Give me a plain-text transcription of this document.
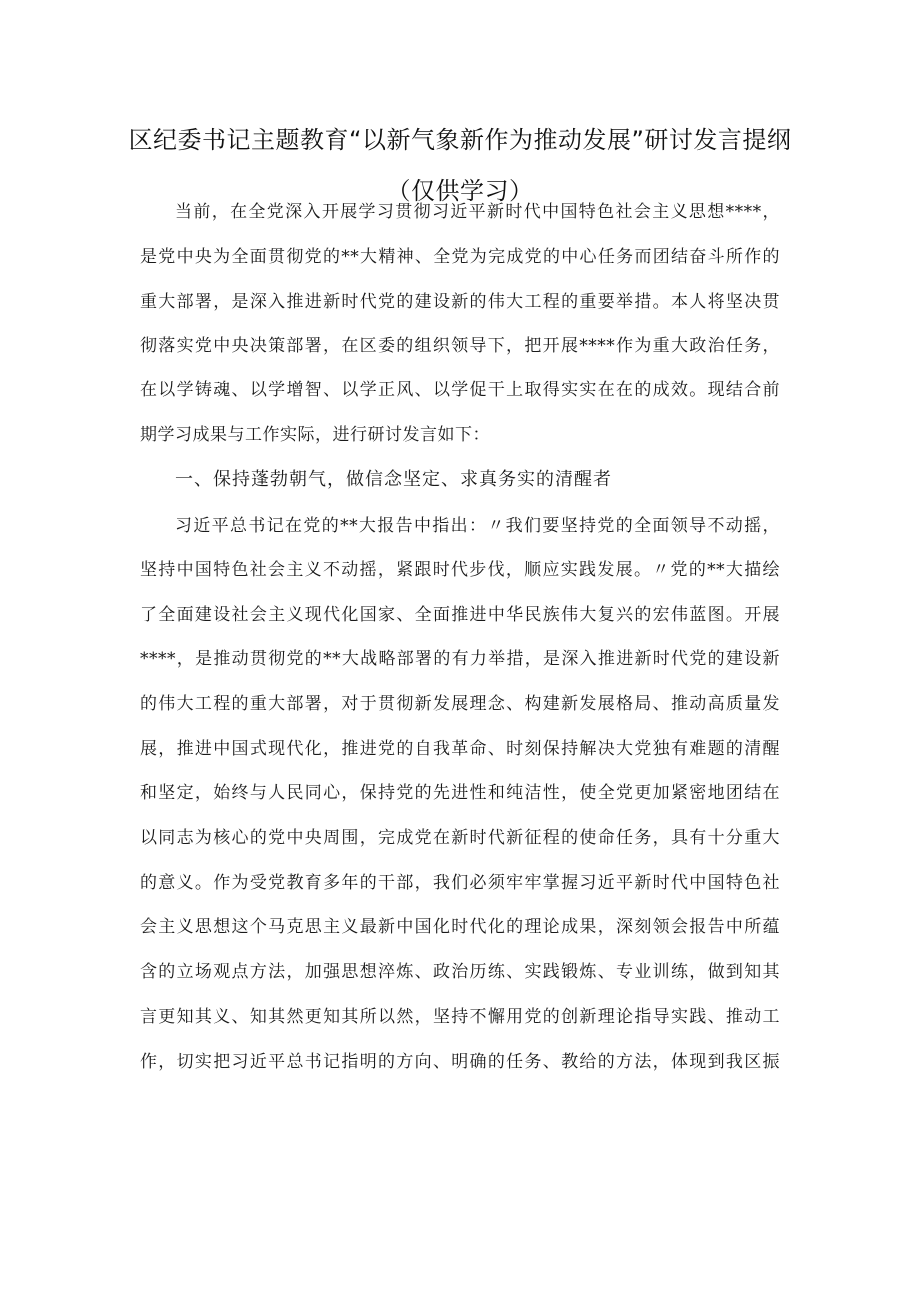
区纪委书记主题教育“以新气象新作为推动发展”研讨发言提纲
（仅供学习）
当前，在全党深入开展学习贯彻习近平新时代中国特色社会主义思想****，
是党中央为全面贯彻党的**大精神、全党为完成党的中心任务而团结奋斗所作的
重大部署，是深入推进新时代党的建设新的伟大工程的重要举措。本人将坚决贯
彻落实党中央决策部署，在区委的组织领导下，把开展****作为重大政治任务，
在以学铸魂、以学增智、以学正风、以学促干上取得实实在在的成效。现结合前
期学习成果与工作实际，进行研讨发言如下：
一、保持蓬勃朝气，做信念坚定、求真务实的清醒者
习近平总书记在党的**大报告中指出：〃我们要坚持党的全面领导不动摇，
坚持中国特色社会主义不动摇，紧跟时代步伐，顺应实践发展。〃党的**大描绘
了全面建设社会主义现代化国家、全面推进中华民族伟大复兴的宏伟蓝图。开展
****，是推动贯彻党的**大战略部署的有力举措，是深入推进新时代党的建设新
的伟大工程的重大部署，对于贯彻新发展理念、构建新发展格局、推动高质量发
展，推进中国式现代化，推进党的自我革命、时刻保持解决大党独有难题的清醒
和坚定，始终与人民同心，保持党的先进性和纯洁性，使全党更加紧密地团结在
以同志为核心的党中央周围，完成党在新时代新征程的使命任务，具有十分重大
的意义。作为受党教育多年的干部，我们必须牢牢掌握习近平新时代中国特色社
会主义思想这个马克思主义最新中国化时代化的理论成果，深刻领会报告中所蕴
含的立场观点方法，加强思想淬炼、政治历练、实践锻炼、专业训练，做到知其
言更知其义、知其然更知其所以然，坚持不懈用党的创新理论指导实践、推动工
作，切实把习近平总书记指明的方向、明确的任务、教给的方法，体现到我区振
